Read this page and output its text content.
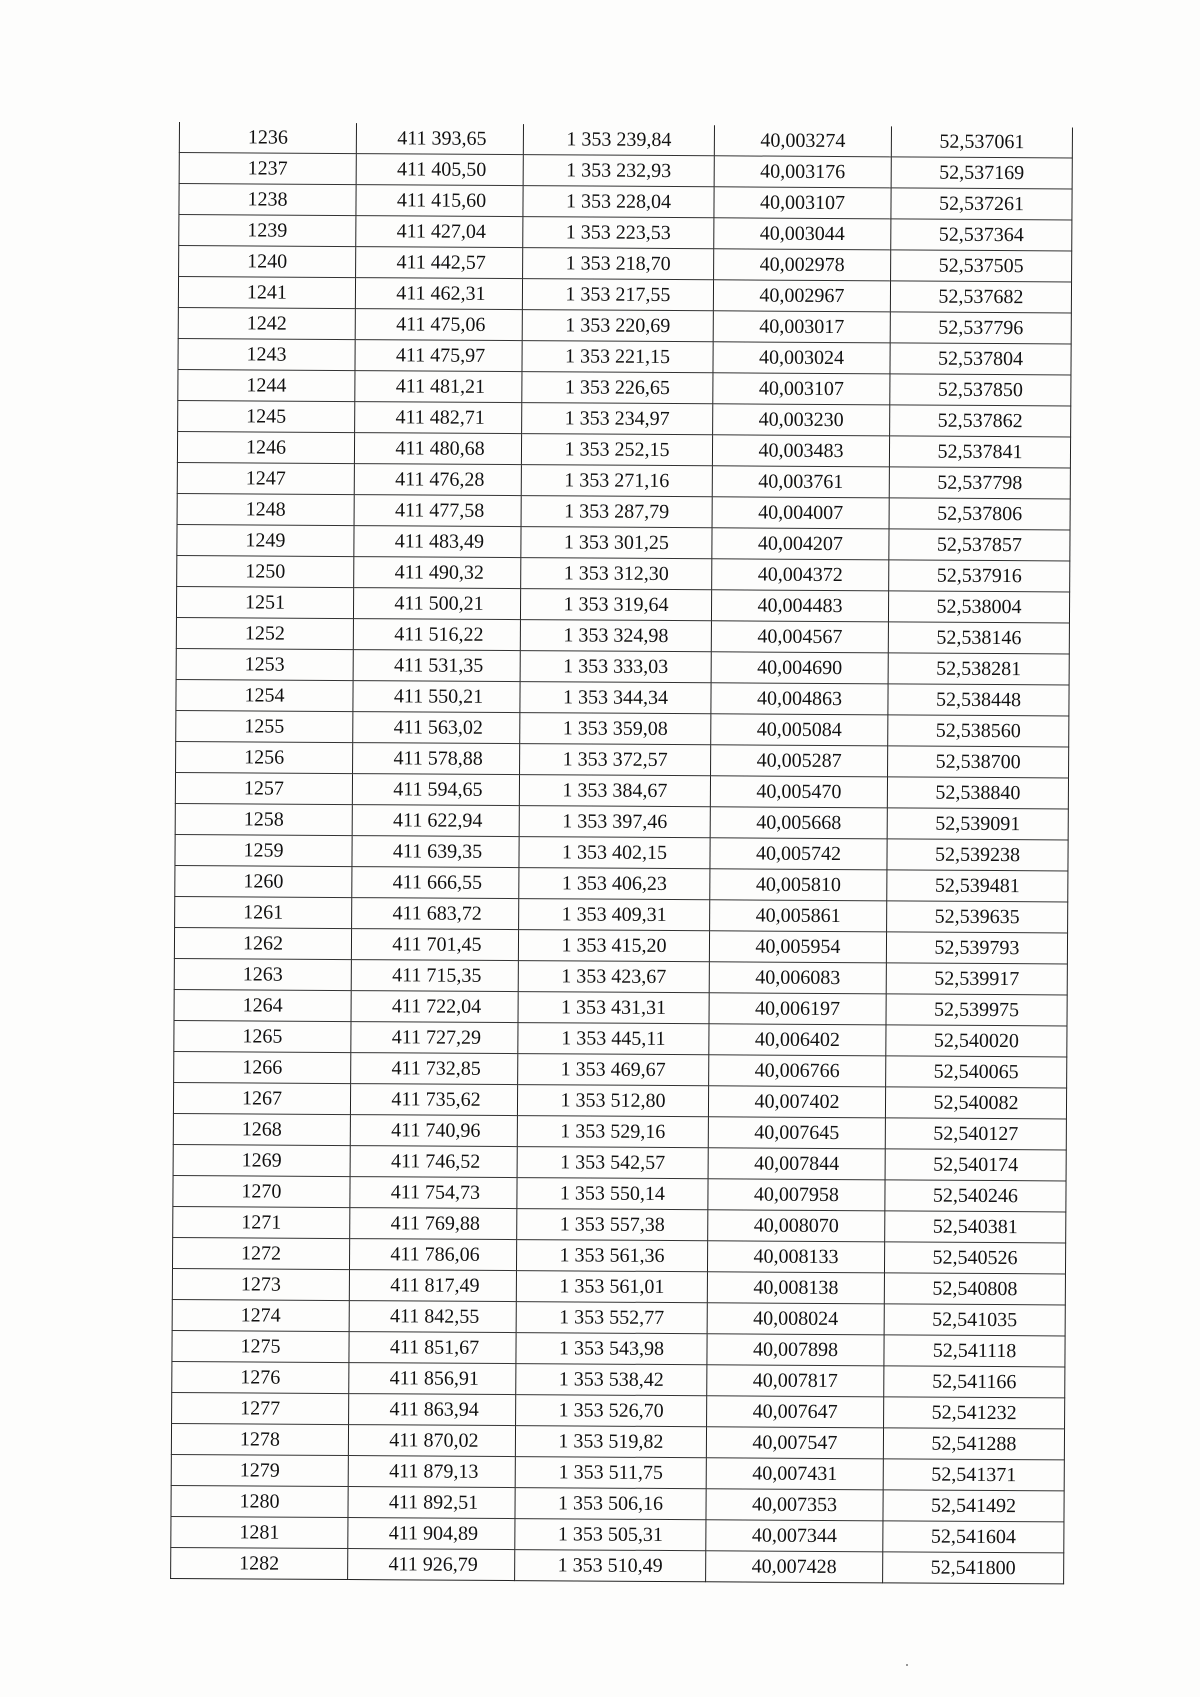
1236	411 393,65	1 353 239,84	40,003274	52,537061
1237	411 405,50	1 353 232,93	40,003176	52,537169
1238	411 415,60	1 353 228,04	40,003107	52,537261
1239	411 427,04	1 353 223,53	40,003044	52,537364
1240	411 442,57	1 353 218,70	40,002978	52,537505
1241	411 462,31	1 353 217,55	40,002967	52,537682
1242	411 475,06	1 353 220,69	40,003017	52,537796
1243	411 475,97	1 353 221,15	40,003024	52,537804
1244	411 481,21	1 353 226,65	40,003107	52,537850
1245	411 482,71	1 353 234,97	40,003230	52,537862
1246	411 480,68	1 353 252,15	40,003483	52,537841
1247	411 476,28	1 353 271,16	40,003761	52,537798
1248	411 477,58	1 353 287,79	40,004007	52,537806
1249	411 483,49	1 353 301,25	40,004207	52,537857
1250	411 490,32	1 353 312,30	40,004372	52,537916
1251	411 500,21	1 353 319,64	40,004483	52,538004
1252	411 516,22	1 353 324,98	40,004567	52,538146
1253	411 531,35	1 353 333,03	40,004690	52,538281
1254	411 550,21	1 353 344,34	40,004863	52,538448
1255	411 563,02	1 353 359,08	40,005084	52,538560
1256	411 578,88	1 353 372,57	40,005287	52,538700
1257	411 594,65	1 353 384,67	40,005470	52,538840
1258	411 622,94	1 353 397,46	40,005668	52,539091
1259	411 639,35	1 353 402,15	40,005742	52,539238
1260	411 666,55	1 353 406,23	40,005810	52,539481
1261	411 683,72	1 353 409,31	40,005861	52,539635
1262	411 701,45	1 353 415,20	40,005954	52,539793
1263	411 715,35	1 353 423,67	40,006083	52,539917
1264	411 722,04	1 353 431,31	40,006197	52,539975
1265	411 727,29	1 353 445,11	40,006402	52,540020
1266	411 732,85	1 353 469,67	40,006766	52,540065
1267	411 735,62	1 353 512,80	40,007402	52,540082
1268	411 740,96	1 353 529,16	40,007645	52,540127
1269	411 746,52	1 353 542,57	40,007844	52,540174
1270	411 754,73	1 353 550,14	40,007958	52,540246
1271	411 769,88	1 353 557,38	40,008070	52,540381
1272	411 786,06	1 353 561,36	40,008133	52,540526
1273	411 817,49	1 353 561,01	40,008138	52,540808
1274	411 842,55	1 353 552,77	40,008024	52,541035
1275	411 851,67	1 353 543,98	40,007898	52,541118
1276	411 856,91	1 353 538,42	40,007817	52,541166
1277	411 863,94	1 353 526,70	40,007647	52,541232
1278	411 870,02	1 353 519,82	40,007547	52,541288
1279	411 879,13	1 353 511,75	40,007431	52,541371
1280	411 892,51	1 353 506,16	40,007353	52,541492
1281	411 904,89	1 353 505,31	40,007344	52,541604
1282	411 926,79	1 353 510,49	40,007428	52,541800
